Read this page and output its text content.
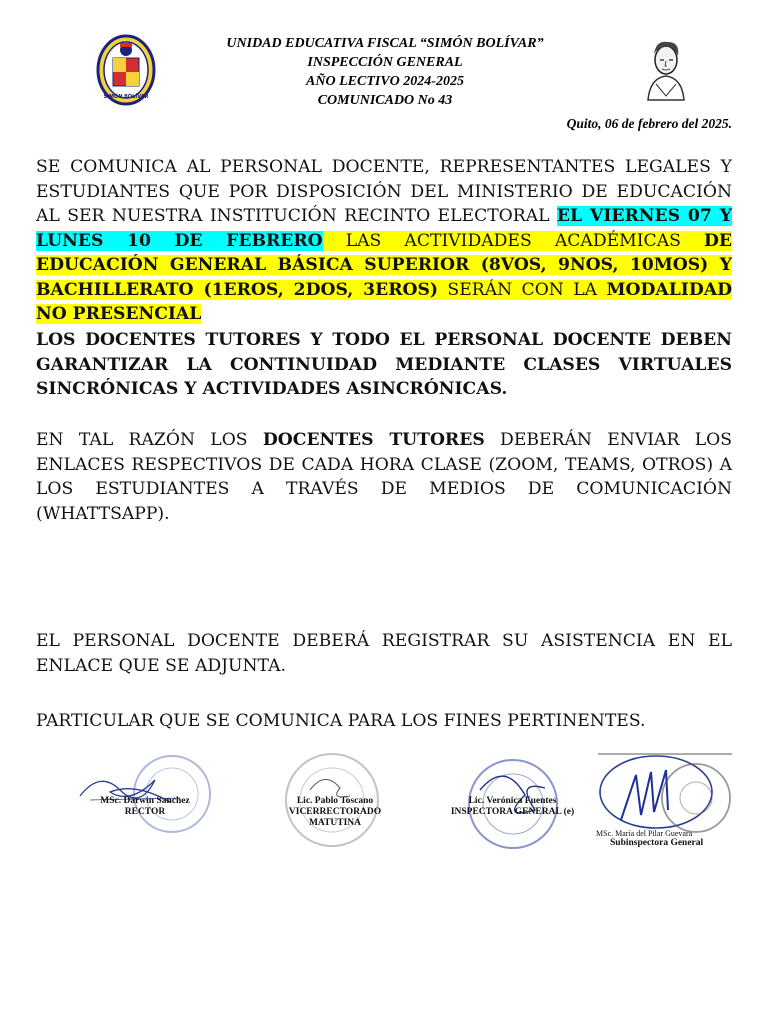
SIMÓN BOLÍVAR
UNIDAD EDUCATIVA FISCAL “SIMÓN BOLÍVAR”
INSPECCIÓN GENERAL
AÑO LECTIVO 2024-2025
COMUNICADO No 43
Quito, 06 de febrero del 2025.
SE COMUNICA AL PERSONAL DOCENTE, REPRESENTANTES LEGALES Y ESTUDIANTES QUE POR DISPOSICIÓN DEL MINISTERIO DE EDUCACIÓN AL SER NUESTRA INSTITUCIÓN RECINTO ELECTORAL EL VIERNES 07 Y LUNES 10 DE FEBRERO LAS ACTIVIDADES ACADÉMICAS DE EDUCACIÓN GENERAL BÁSICA SUPERIOR (8VOS, 9NOS, 10MOS) Y BACHILLERATO (1EROS, 2DOS, 3EROS) SERÁN CON LA MODALIDAD NO PRESENCIAL
LOS DOCENTES TUTORES Y TODO EL PERSONAL DOCENTE DEBEN GARANTIZAR LA CONTINUIDAD MEDIANTE CLASES VIRTUALES SINCRÓNICAS Y ACTIVIDADES ASINCRÓNICAS.
EN TAL RAZÓN LOS DOCENTES TUTORES DEBERÁN ENVIAR LOS ENLACES RESPECTIVOS DE CADA HORA CLASE (ZOOM, TEAMS, OTROS) A LOS ESTUDIANTES A TRAVÉS DE MEDIOS DE COMUNICACIÓN (WHATTSAPP).
EL PERSONAL DOCENTE DEBERÁ REGISTRAR SU ASISTENCIA EN EL ENLACE QUE SE ADJUNTA.
PARTICULAR QUE SE COMUNICA PARA LOS FINES PERTINENTES.
MSc. Darwin Sanchez
RECTOR
Lic. Pablo Toscano
VICERRECTORADO
MATUTINA
Lic. Verónica Fuentes
INSPECTORA GENERAL (e)
MSc. María del Pilar Guevara
Subinspectora General
